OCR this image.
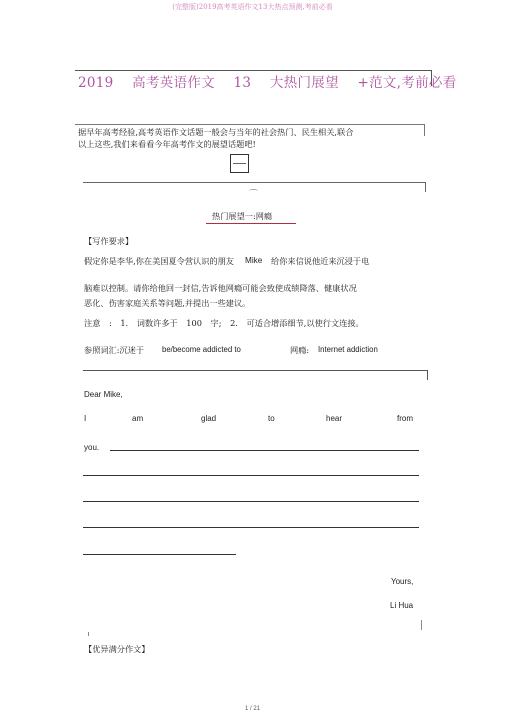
(完整版)2019高考英语作文13大热点预测,考前必看
2019 高考英语作文 13 大热门展望 +范文,考前必看
据早年高考经验,高考英语作文话题一般会与当年的社会热门、民生相关,联合
以上这些,我们来看看今年高考作文的展望话题吧!
⌒
热门展望一:网瘾
【写作要求】
假定你是李华,你在美国夏令营认识的朋友 Mike 给你来信说他近来沉浸于电
脑难以控制。请你给他回一封信,告诉他网瘾可能会致使成绩降落、健康状况
恶化、伤害家庭关系等问题,并提出一些建议。
注意 : 1. 词数许多于 100 字; 2. 可适合增添细节,以使行文连接。
参照词汇:沉迷于 be/become addicted to	网瘾: Internet addiction
Dear Mike,
I	am	glad	to	hear	from
you.
Yours,
Li Hua
【优异满分作文】
1 / 21
